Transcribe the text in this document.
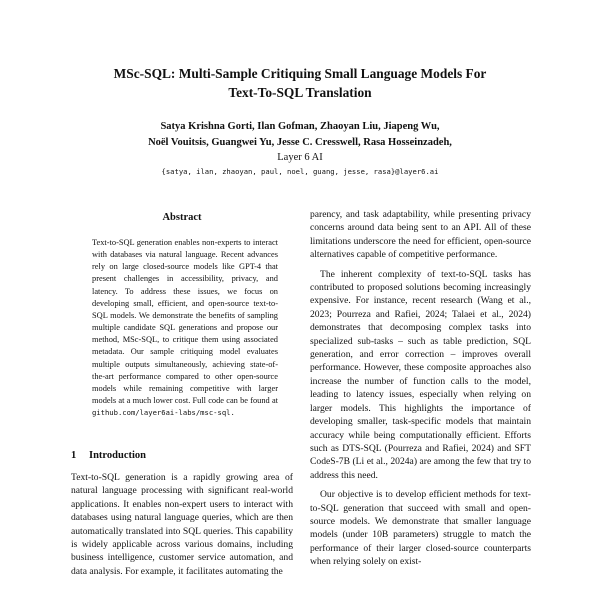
MSc-SQL: Multi-Sample Critiquing Small Language Models For
Text-To-SQL Translation
Satya Krishna Gorti, Ilan Gofman, Zhaoyan Liu, Jiapeng Wu,
Noël Vouitsis, Guangwei Yu, Jesse C. Cresswell, Rasa Hosseinzadeh,
Layer 6 AI
{satya, ilan, zhaoyan, paul, noel, guang, jesse, rasa}@layer6.ai
Abstract
Text-to-SQL generation enables non-experts to interact with databases via natural language. Recent advances rely on large closed-source models like GPT-4 that present challenges in accessibility, privacy, and latency. To address these issues, we focus on developing small, efficient, and open-source text-to-SQL models. We demonstrate the benefits of sampling multiple candidate SQL generations and propose our method, MSc-SQL, to critique them using associated metadata. Our sample critiquing model evaluates multiple outputs simultaneously, achieving state-of-the-art performance compared to other open-source models while remaining competitive with larger models at a much lower cost. Full code can be found at github.com/layer6ai-labs/msc-sql.
1 Introduction

Text-to-SQL generation is a rapidly growing area of natural language processing with significant real-world applications. It enables non-expert users to interact with databases using natural language queries, which are then automatically translated into SQL queries. This capability is widely applicable across various domains, including business intelligence, customer service automation, and data analysis. For example, it facilitates automating the

parency, and task adaptability, while presenting privacy concerns around data being sent to an API. All of these limitations underscore the need for efficient, open-source alternatives capable of competitive performance.

The inherent complexity of text-to-SQL tasks has contributed to proposed solutions becoming increasingly expensive. For instance, recent research (Wang et al., 2023; Pourreza and Rafiei, 2024; Talaei et al., 2024) demonstrates that decomposing complex tasks into specialized sub-tasks – such as table prediction, SQL generation, and error correction – improves overall performance. However, these composite approaches also increase the number of function calls to the model, leading to latency issues, especially when relying on larger models. This highlights the importance of developing smaller, task-specific models that maintain accuracy while being computationally efficient. Efforts such as DTS-SQL (Pourreza and Rafiei, 2024) and SFT CodeS-7B (Li et al., 2024a) are among the few that try to address this need.

Our objective is to develop efficient methods for text-to-SQL generation that succeed with small and open-source models. We demonstrate that smaller language models (under 10B parameters) struggle to match the performance of their larger closed-source counterparts when relying solely on exist-
